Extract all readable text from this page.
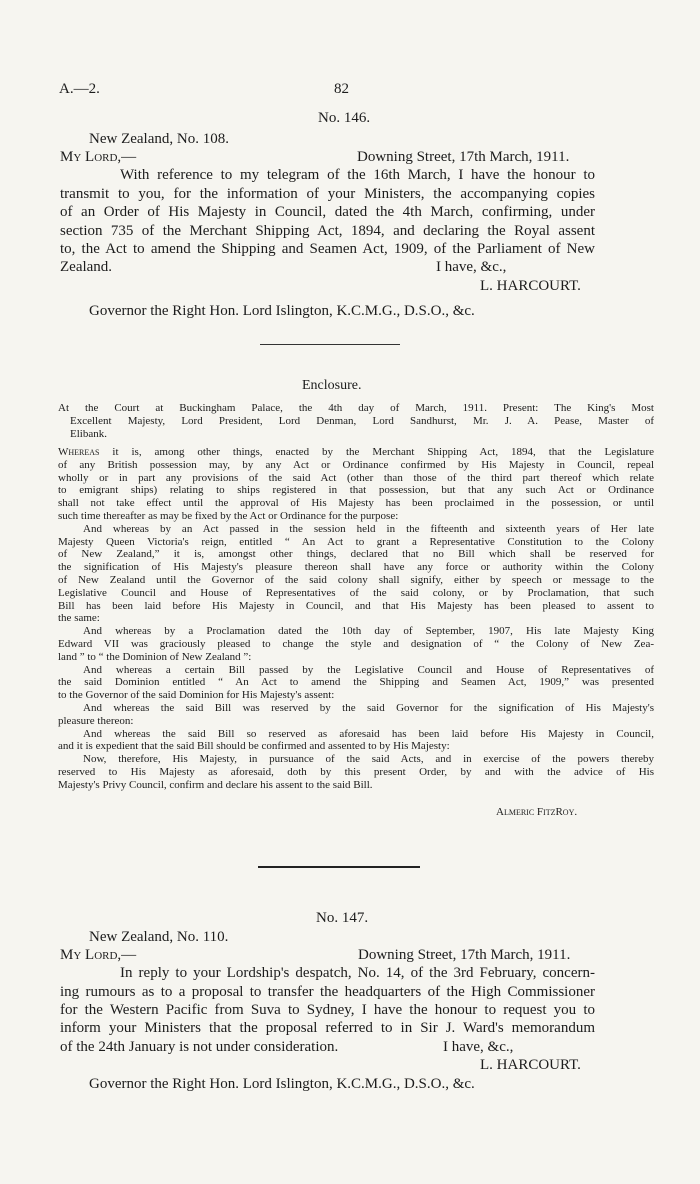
A.—2.	82
No. 146.
New Zealand, No. 108.
My Lord,—	Downing Street, 17th March, 1911.
With reference to my telegram of the 16th March, I have the honour to
transmit to you, for the information of your Ministers, the accompanying copies
of an Order of His Majesty in Council, dated the 4th March, confirming, under
section 735 of the Merchant Shipping Act, 1894, and declaring the Royal assent
to, the Act to amend the Shipping and Seamen Act, 1909, of the Parliament of New
Zealand.	I have, &c.,
L. HARCOURT.
Governor the Right Hon. Lord Islington, K.C.M.G., D.S.O., &c.
Enclosure.
At the Court at Buckingham Palace, the 4th day of March, 1911. Present: The King's Most
Excellent Majesty, Lord President, Lord Denman, Lord Sandhurst, Mr. J. A. Pease, Master of
Elibank.
Whereas it is, among other things, enacted by the Merchant Shipping Act, 1894, that the Legislature
of any British possession may, by any Act or Ordinance confirmed by His Majesty in Council, repeal
wholly or in part any provisions of the said Act (other than those of the third part thereof which relate
to emigrant ships) relating to ships registered in that possession, but that any such Act or Ordinance
shall not take effect until the approval of His Majesty has been proclaimed in the possession, or until
such time thereafter as may be fixed by the Act or Ordinance for the purpose:
And whereas by an Act passed in the session held in the fifteenth and sixteenth years of Her late
Majesty Queen Victoria's reign, entitled “ An Act to grant a Representative Constitution to the Colony
of New Zealand,” it is, amongst other things, declared that no Bill which shall be reserved for
the signification of His Majesty's pleasure thereon shall have any force or authority within the Colony
of New Zealand until the Governor of the said colony shall signify, either by speech or message to the
Legislative Council and House of Representatives of the said colony, or by Proclamation, that such
Bill has been laid before His Majesty in Council, and that His Majesty has been pleased to assent to
the same:
And whereas by a Proclamation dated the 10th day of September, 1907, His late Majesty King
Edward VII was graciously pleased to change the style and designation of “ the Colony of New Zea-
land ” to “ the Dominion of New Zealand ”:
And whereas a certain Bill passed by the Legislative Council and House of Representatives of
the said Dominion entitled “ An Act to amend the Shipping and Seamen Act, 1909,” was presented
to the Governor of the said Dominion for His Majesty's assent:
And whereas the said Bill was reserved by the said Governor for the signification of His Majesty's
pleasure thereon:
And whereas the said Bill so reserved as aforesaid has been laid before His Majesty in Council,
and it is expedient that the said Bill should be confirmed and assented to by His Majesty:
Now, therefore, His Majesty, in pursuance of the said Acts, and in exercise of the powers thereby
reserved to His Majesty as aforesaid, doth by this present Order, by and with the advice of His
Majesty's Privy Council, confirm and declare his assent to the said Bill.
Almeric FitzRoy.
No. 147.
New Zealand, No. 110.
My Lord,—	Downing Street, 17th March, 1911.
In reply to your Lordship's despatch, No. 14, of the 3rd February, concern-
ing rumours as to a proposal to transfer the headquarters of the High Commissioner
for the Western Pacific from Suva to Sydney, I have the honour to request you to
inform your Ministers that the proposal referred to in Sir J. Ward's memorandum
of the 24th January is not under consideration.	I have, &c.,
L. HARCOURT.
Governor the Right Hon. Lord Islington, K.C.M.G., D.S.O., &c.
